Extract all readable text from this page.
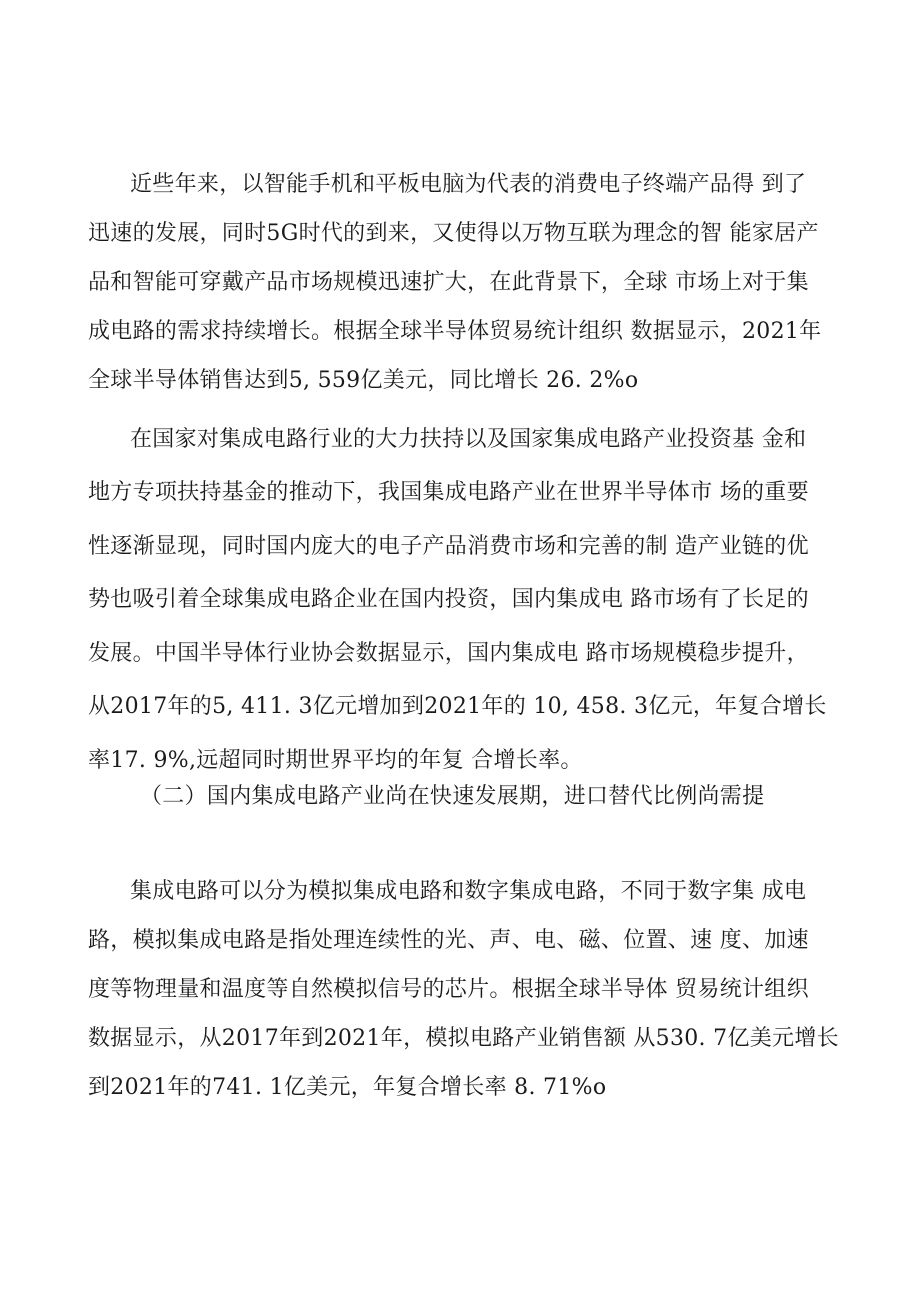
近些年来，以智能手机和平板电脑为代表的消费电子终端产品得 到了
迅速的发展，同时5G时代的到来，又使得以万物互联为理念的智 能家居产
品和智能可穿戴产品市场规模迅速扩大，在此背景下，全球 市场上对于集
成电路的需求持续增长。根据全球半导体贸易统计组织 数据显示，2021年
全球半导体销售达到5, 559亿美元，同比增长 26. 2%o
在国家对集成电路行业的大力扶持以及国家集成电路产业投资基 金和
地方专项扶持基金的推动下，我国集成电路产业在世界半导体市 场的重要
性逐渐显现，同时国内庞大的电子产品消费市场和完善的制 造产业链的优
势也吸引着全球集成电路企业在国内投资，国内集成电 路市场有了长足的
发展。中国半导体行业协会数据显示，国内集成电 路市场规模稳步提升，
从2017年的5, 411. 3亿元增加到2021年的 10, 458. 3亿元，年复合增长
率17. 9%,远超同时期世界平均的年复 合增长率。
（二）国内集成电路产业尚在快速发展期，进口替代比例尚需提
集成电路可以分为模拟集成电路和数字集成电路，不同于数字集 成电
路，模拟集成电路是指处理连续性的光、声、电、磁、位置、速 度、加速
度等物理量和温度等自然模拟信号的芯片。根据全球半导体 贸易统计组织
数据显示，从2017年到2021年，模拟电路产业销售额 从530. 7亿美元增长
到2021年的741. 1亿美元，年复合增长率 8. 71%o
